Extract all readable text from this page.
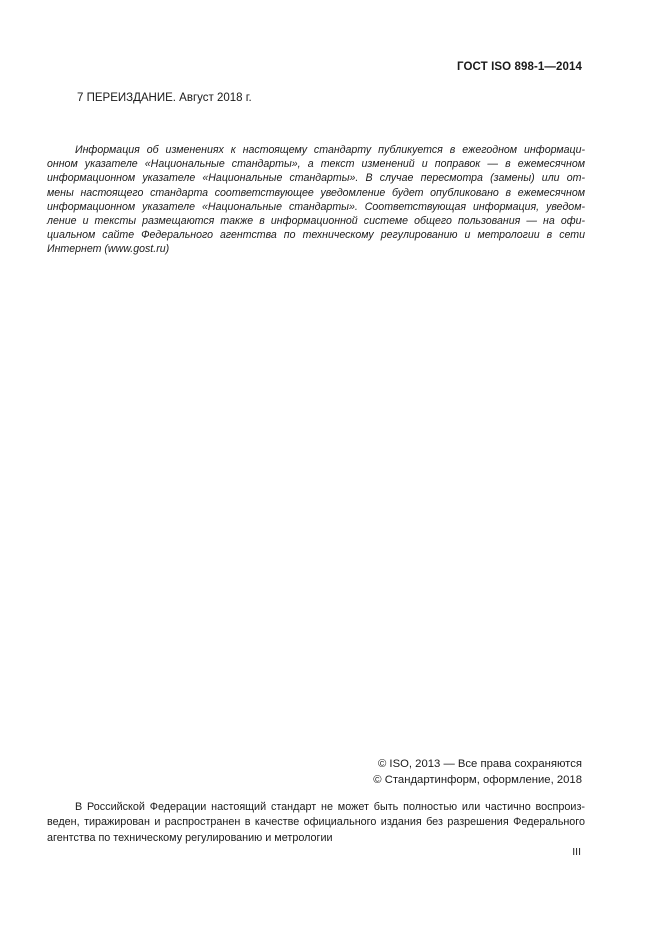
ГОСТ ISO 898-1—2014
7 ПЕРЕИЗДАНИЕ. Август 2018 г.
Информация об изменениях к настоящему стандарту публикуется в ежегодном информаци-
онном указателе «Национальные стандарты», а текст изменений и поправок — в ежемесячном
информационном указателе «Национальные стандарты». В случае пересмотра (замены) или от-
мены настоящего стандарта соответствующее уведомление будет опубликовано в ежемесячном
информационном указателе «Национальные стандарты». Соответствующая информация, уведом-
ление и тексты размещаются также в информационной системе общего пользования — на офи-
циальном сайте Федерального агентства по техническому регулированию и метрологии в сети
Интернет (www.gost.ru)
© ISO, 2013 — Все права сохраняются
© Стандартинформ, оформление, 2018
В Российской Федерации настоящий стандарт не может быть полностью или частично воспроиз-
веден, тиражирован и распространен в качестве официального издания без разрешения Федерального
агентства по техническому регулированию и метрологии
III
